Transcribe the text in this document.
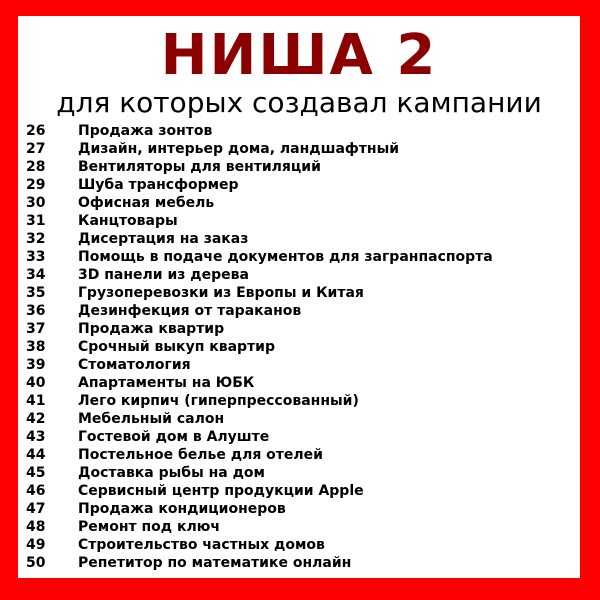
НИША 2
для которых создавал кампании
26	Продажа зонтов
27	Дизайн, интерьер дома, ландшафтный
28	Вентиляторы для вентиляций
29	Шуба трансформер
30	Офисная мебель
31	Канцтовары
32	Дисертация на заказ
33	Помощь в подаче документов для загранпаспорта
34	3D панели из дерева
35	Грузоперевозки из Европы и Китая
36	Дезинфекция от тараканов
37	Продажа квартир
38	Срочный выкуп квартир
39	Стоматология
40	Апартаменты на ЮБК
41	Лего кирпич (гиперпрессованный)
42	Мебельный салон
43	Гостевой дом в Алуште
44	Постельное белье для отелей
45	Доставка рыбы на дом
46	Сервисный центр продукции Apple
47	Продажа кондиционеров
48	Ремонт под ключ
49	Строительство частных домов
50	Репетитор по математике онлайн
